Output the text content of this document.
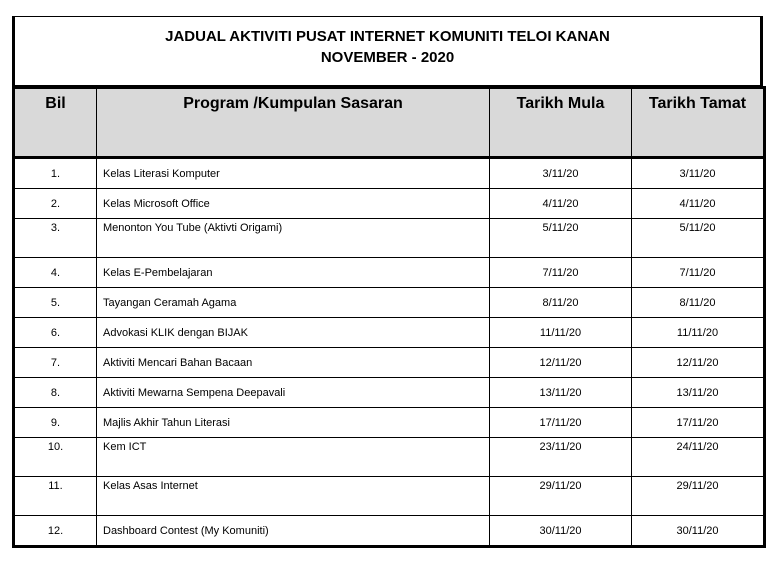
JADUAL AKTIVITI PUSAT INTERNET KOMUNITI TELOI KANAN
NOVEMBER - 2020
Bil	Program /Kumpulan Sasaran	Tarikh Mula	Tarikh Tamat
1.	Kelas Literasi Komputer	3/11/20	3/11/20
2.	Kelas Microsoft Office	4/11/20	4/11/20
3.	Menonton You Tube (Aktivti Origami)	5/11/20	5/11/20
4.	Kelas E-Pembelajaran	7/11/20	7/11/20
5.	Tayangan Ceramah Agama	8/11/20	8/11/20
6.	Advokasi KLIK dengan BIJAK	11/11/20	11/11/20
7.	Aktiviti Mencari Bahan Bacaan	12/11/20	12/11/20
8.	Aktiviti Mewarna Sempena Deepavali	13/11/20	13/11/20
9.	Majlis Akhir Tahun Literasi	17/11/20	17/11/20
10.	Kem ICT	23/11/20	24/11/20
11.	Kelas Asas Internet	29/11/20	29/11/20
12.	Dashboard Contest (My Komuniti)	30/11/20	30/11/20
